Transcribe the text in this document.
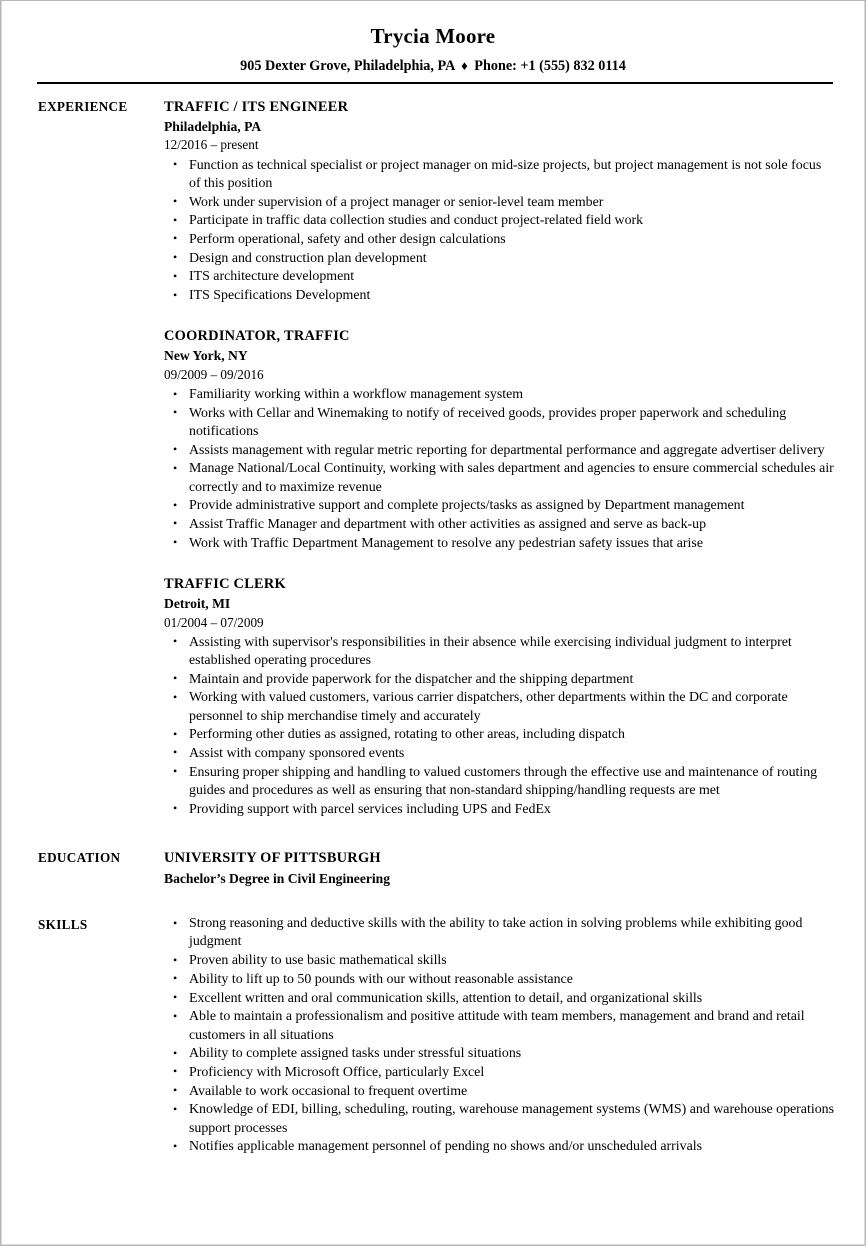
Trycia Moore
905 Dexter Grove, Philadelphia, PA ♦ Phone: +1 (555) 832 0114
EXPERIENCE	TRAFFIC / ITS ENGINEER
Philadelphia, PA
12/2016 – present
• Function as technical specialist or project manager on mid-size projects, but project management is not sole focus of this position
• Work under supervision of a project manager or senior-level team member
• Participate in traffic data collection studies and conduct project-related field work
• Perform operational, safety and other design calculations
• Design and construction plan development
• ITS architecture development
• ITS Specifications Development
COORDINATOR, TRAFFIC
New York, NY
09/2009 – 09/2016
• Familiarity working within a workflow management system
• Works with Cellar and Winemaking to notify of received goods, provides proper paperwork and scheduling notifications
• Assists management with regular metric reporting for departmental performance and aggregate advertiser delivery
• Manage National/Local Continuity, working with sales department and agencies to ensure commercial schedules air correctly and to maximize revenue
• Provide administrative support and complete projects/tasks as assigned by Department management
• Assist Traffic Manager and department with other activities as assigned and serve as back-up
• Work with Traffic Department Management to resolve any pedestrian safety issues that arise
TRAFFIC CLERK
Detroit, MI
01/2004 – 07/2009
• Assisting with supervisor's responsibilities in their absence while exercising individual judgment to interpret established operating procedures
• Maintain and provide paperwork for the dispatcher and the shipping department
• Working with valued customers, various carrier dispatchers, other departments within the DC and corporate personnel to ship merchandise timely and accurately
• Performing other duties as assigned, rotating to other areas, including dispatch
• Assist with company sponsored events
• Ensuring proper shipping and handling to valued customers through the effective use and maintenance of routing guides and procedures as well as ensuring that non-standard shipping/handling requests are met
• Providing support with parcel services including UPS and FedEx
EDUCATION	UNIVERSITY OF PITTSBURGH
Bachelor’s Degree in Civil Engineering
SKILLS	• Strong reasoning and deductive skills with the ability to take action in solving problems while exhibiting good judgment
• Proven ability to use basic mathematical skills
• Ability to lift up to 50 pounds with our without reasonable assistance
• Excellent written and oral communication skills, attention to detail, and organizational skills
• Able to maintain a professionalism and positive attitude with team members, management and brand and retail customers in all situations
• Ability to complete assigned tasks under stressful situations
• Proficiency with Microsoft Office, particularly Excel
• Available to work occasional to frequent overtime
• Knowledge of EDI, billing, scheduling, routing, warehouse management systems (WMS) and warehouse operations support processes
• Notifies applicable management personnel of pending no shows and/or unscheduled arrivals
